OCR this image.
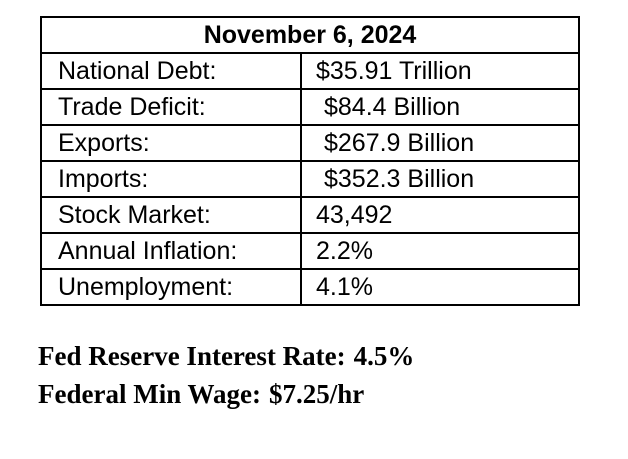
November 6, 2024	
National Debt:	$35.91 Trillion
Trade Deficit:	$84.4 Billion
Exports:	$267.9 Billion
Imports:	$352.3 Billion
Stock Market:	43,492
Annual Inflation:	2.2%
Unemployment:	4.1%
Fed Reserve Interest Rate: 4.5%
Federal Min Wage: $7.25/hr
